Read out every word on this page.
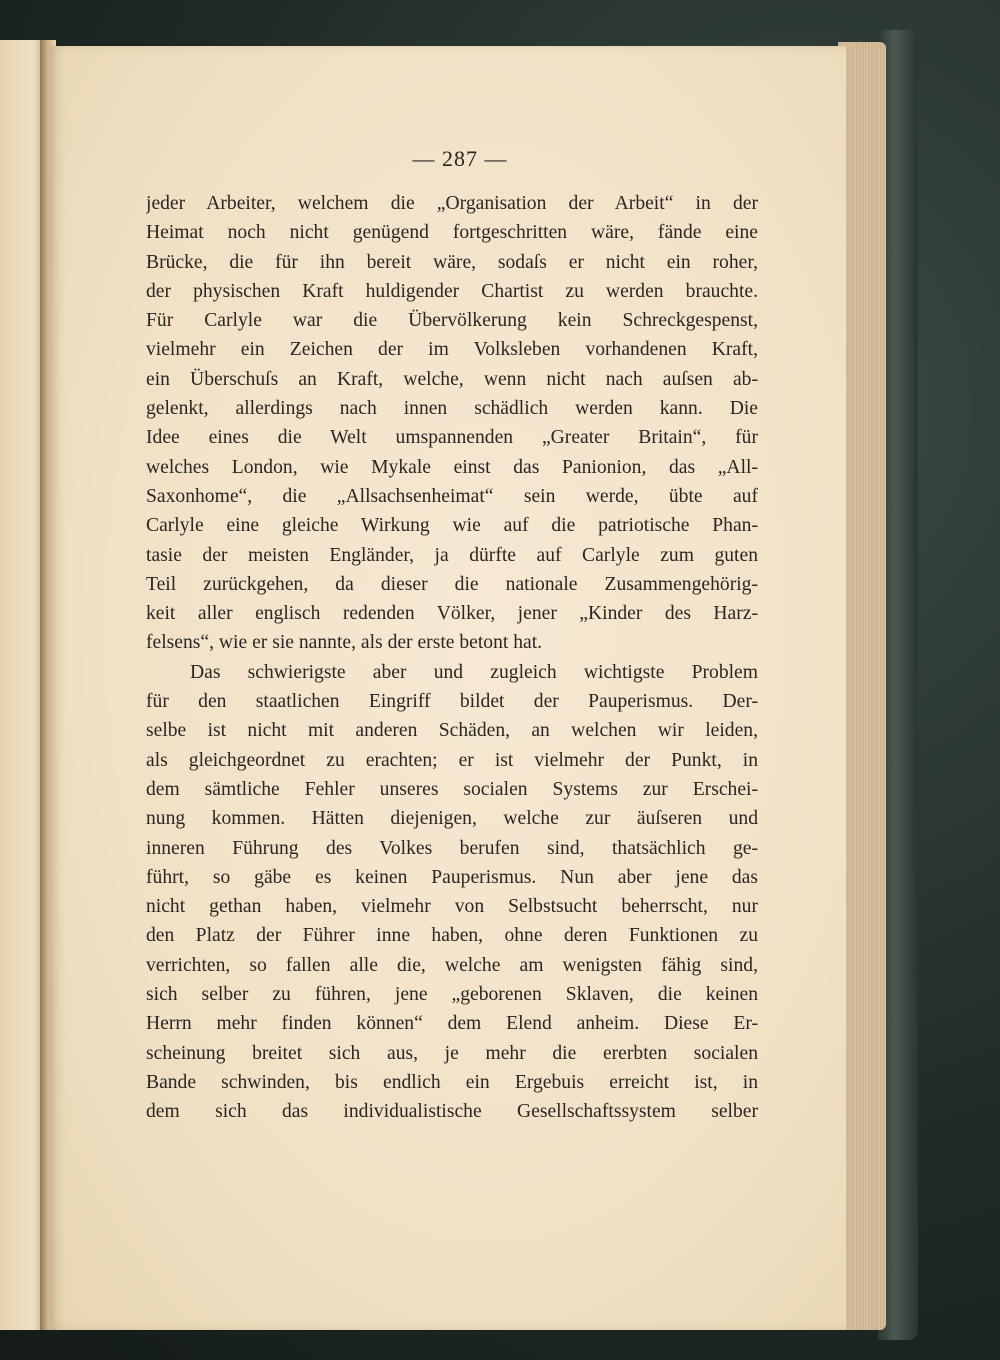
— 287 —
jeder Arbeiter, welchem die „Organisation der Arbeit“ in der
Heimat noch nicht genügend fortgeschritten wäre, fände eine
Brücke, die für ihn bereit wäre, sodaſs er nicht ein roher,
der physischen Kraft huldigender Chartist zu werden brauchte.
Für Carlyle war die Übervölkerung kein Schreckgespenst,
vielmehr ein Zeichen der im Volksleben vorhandenen Kraft,
ein Überschuſs an Kraft, welche, wenn nicht nach auſsen ab-
gelenkt, allerdings nach innen schädlich werden kann. Die
Idee eines die Welt umspannenden „Greater Britain“, für
welches London, wie Mykale einst das Panionion, das „All-
Saxonhome“, die „Allsachsenheimat“ sein werde, übte auf
Carlyle eine gleiche Wirkung wie auf die patriotische Phan-
tasie der meisten Engländer, ja dürfte auf Carlyle zum guten
Teil zurückgehen, da dieser die nationale Zusammengehörig-
keit aller englisch redenden Völker, jener „Kinder des Harz-
felsens“, wie er sie nannte, als der erste betont hat.
Das schwierigste aber und zugleich wichtigste Problem
für den staatlichen Eingriff bildet der Pauperismus. Der-
selbe ist nicht mit anderen Schäden, an welchen wir leiden,
als gleichgeordnet zu erachten; er ist vielmehr der Punkt, in
dem sämtliche Fehler unseres socialen Systems zur Erschei-
nung kommen. Hätten diejenigen, welche zur äuſseren und
inneren Führung des Volkes berufen sind, thatsächlich ge-
führt, so gäbe es keinen Pauperismus. Nun aber jene das
nicht gethan haben, vielmehr von Selbstsucht beherrscht, nur
den Platz der Führer inne haben, ohne deren Funktionen zu
verrichten, so fallen alle die, welche am wenigsten fähig sind,
sich selber zu führen, jene „geborenen Sklaven, die keinen
Herrn mehr finden können“ dem Elend anheim. Diese Er-
scheinung breitet sich aus, je mehr die ererbten socialen
Bande schwinden, bis endlich ein Ergebuis erreicht ist, in
dem sich das individualistische Gesellschaftssystem selber
